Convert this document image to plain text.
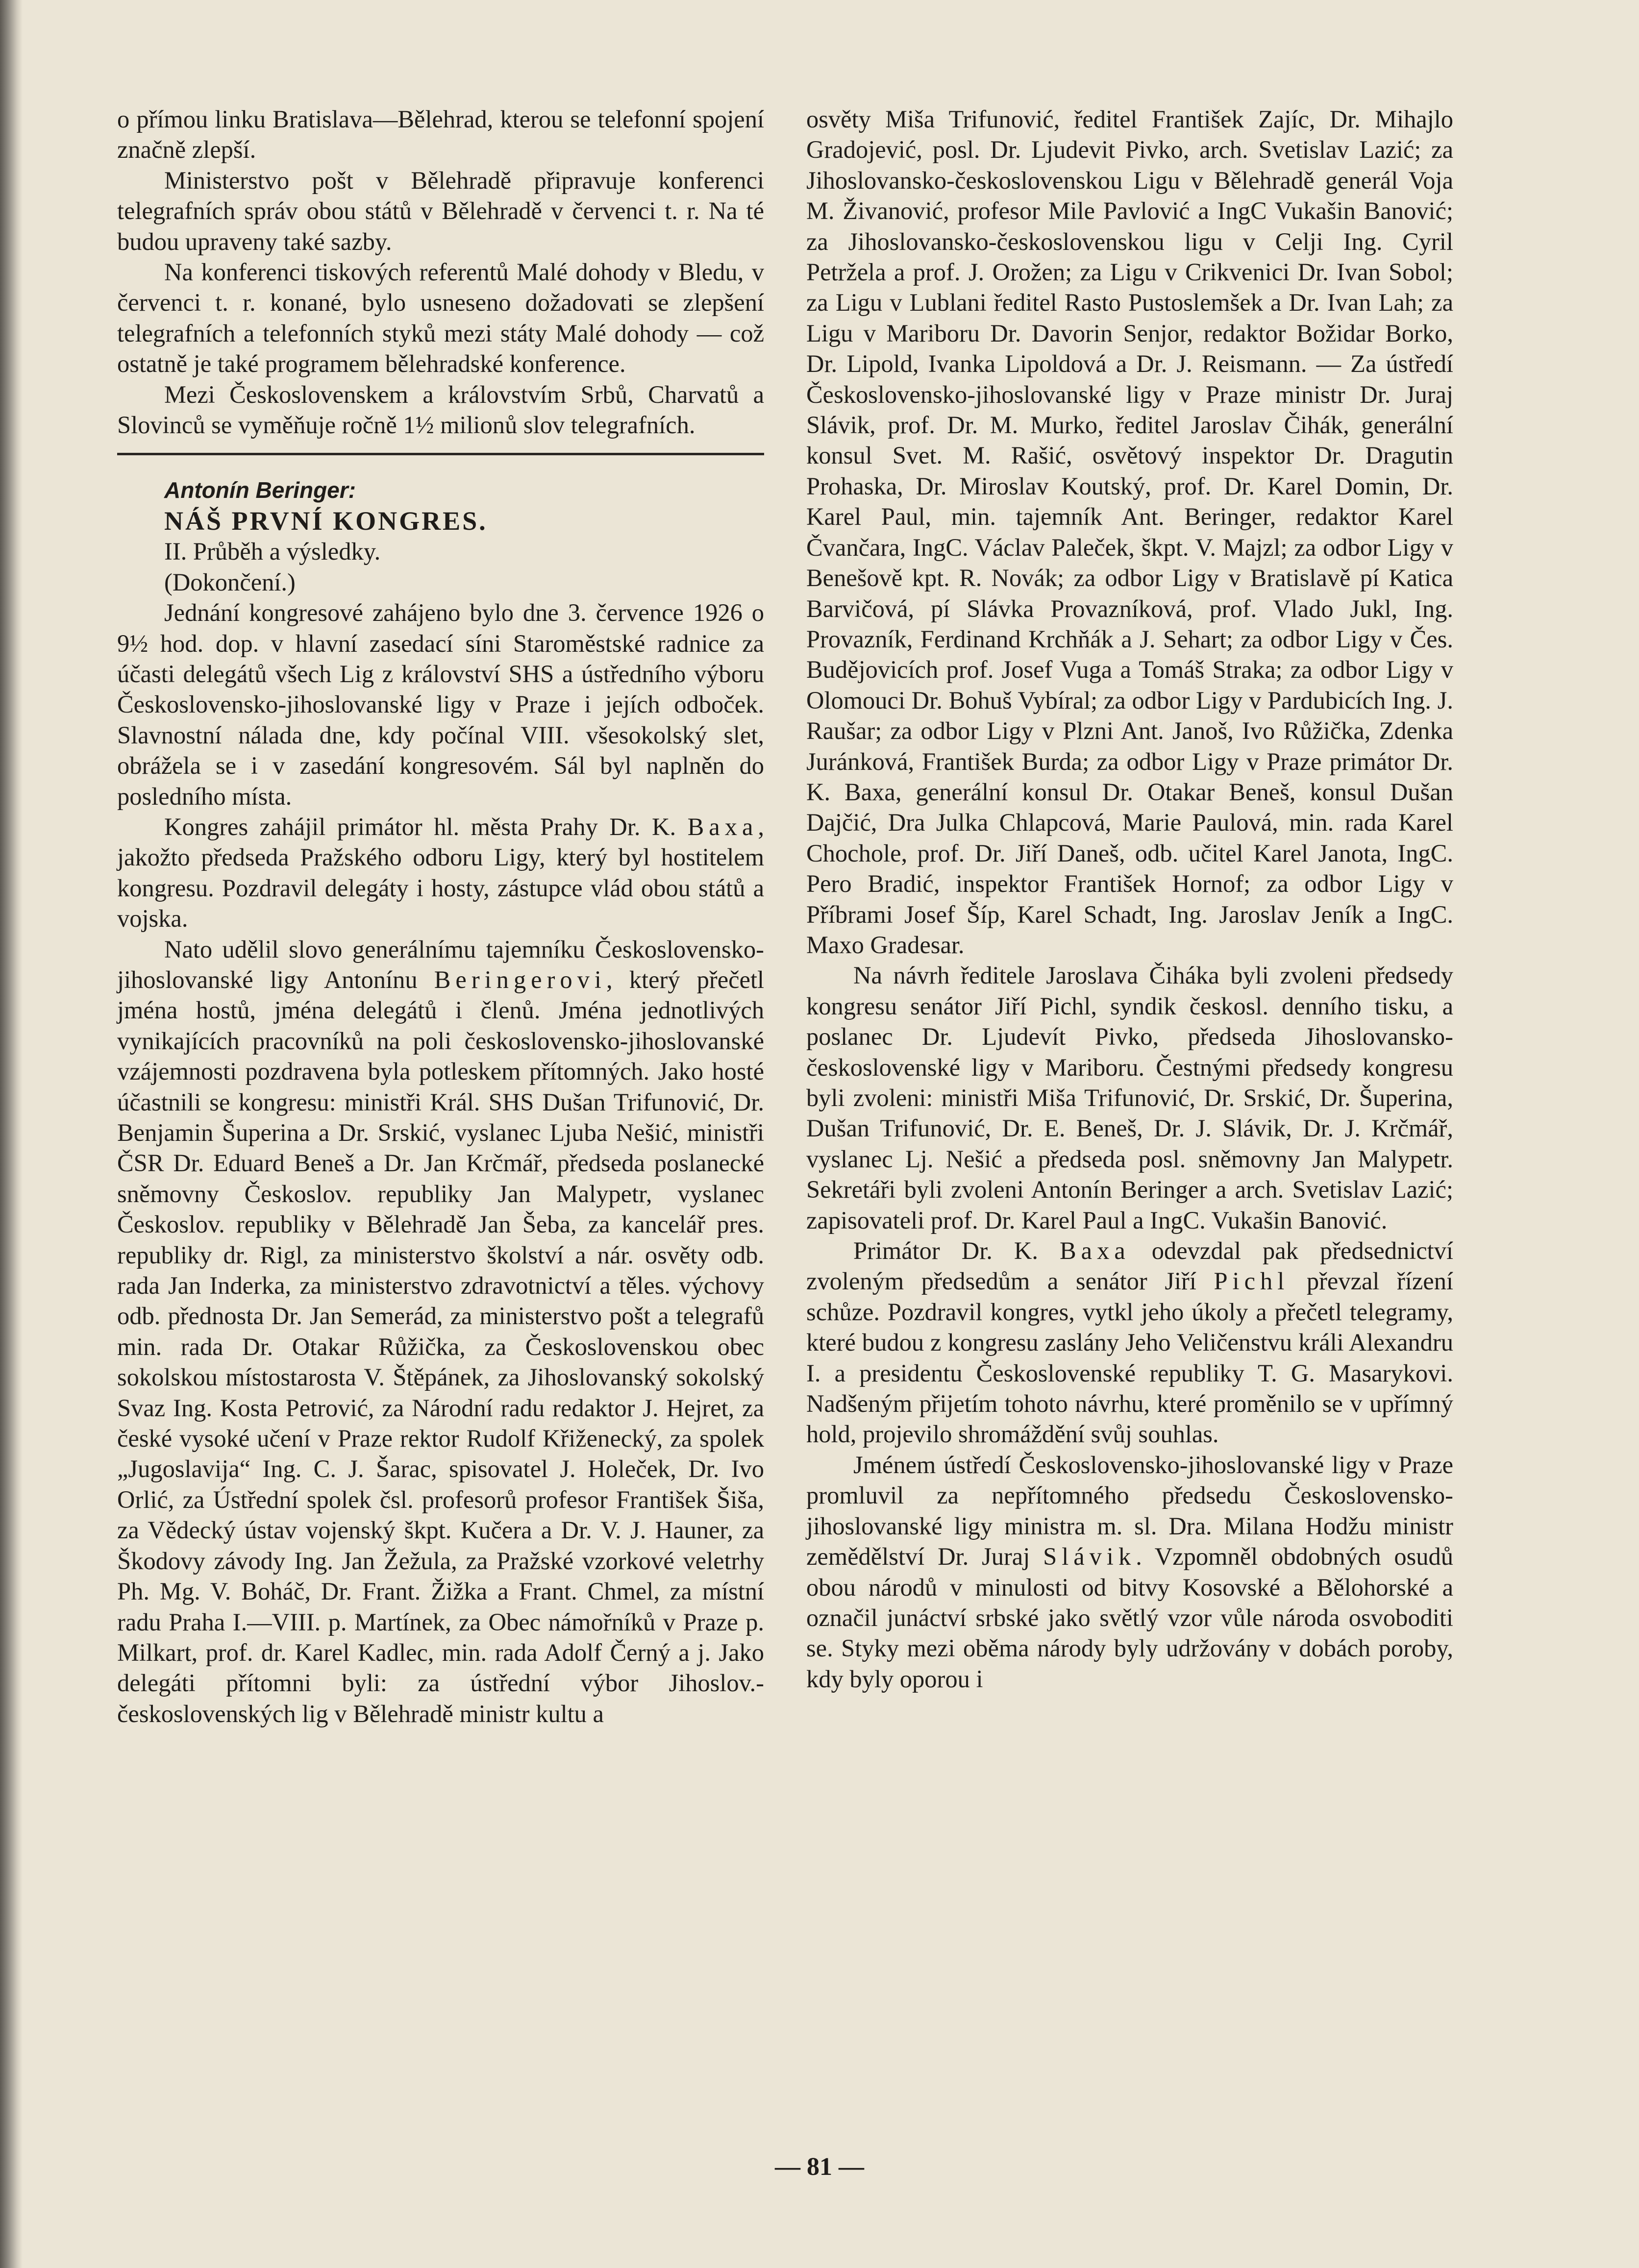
o přímou linku Bratislava—Bělehrad, kterou se telefonní spojení značně zlepší.

Ministerstvo pošt v Bělehradě připravuje konferenci telegrafních správ obou států v Bělehradě v červenci t. r. Na té budou upraveny také sazby.

Na konferenci tiskových referentů Malé dohody v Bledu, v červenci t. r. konané, bylo usneseno dožadovati se zlepšení telegrafních a telefonních styků mezi státy Malé dohody — což ostatně je také programem bělehradské konference.

Mezi Československem a královstvím Srbů, Charvatů a Slovinců se vyměňuje ročně 1½ milionů slov telegrafních.

Antonín Beringer:

NÁŠ PRVNÍ KONGRES.

II. Průběh a výsledky.

(Dokončení.)

Jednání kongresové zahájeno bylo dne 3. července 1926 o 9½ hod. dop. v hlavní zasedací síni Staroměstské radnice za účasti delegátů všech Lig z království SHS a ústředního výboru Československo-jihoslovanské ligy v Praze i jejích odboček. Slavnostní nálada dne, kdy počínal VIII. všesokolský slet, obrážela se i v zasedání kongresovém. Sál byl naplněn do posledního místa.

Kongres zahájil primátor hl. města Prahy Dr. K. Baxa, jakožto předseda Pražského odboru Ligy, který byl hostitelem kongresu. Pozdravil delegáty i hosty, zástupce vlád obou států a vojska.

Nato udělil slovo generálnímu tajemníku Československo-jihoslovanské ligy Antonínu Beringerovi, který přečetl jména hostů, jména delegátů i členů. Jména jednotlivých vynikajících pracovníků na poli československo-jihoslovanské vzájemnosti pozdravena byla potleskem přítomných. Jako hosté účastnili se kongresu: ministři Král. SHS Dušan Trifunović, Dr. Benjamin Šuperina a Dr. Srskić, vyslanec Ljuba Nešić, ministři ČSR Dr. Eduard Beneš a Dr. Jan Krčmář, předseda poslanecké sněmovny Českoslov. republiky Jan Malypetr, vyslanec Českoslov. republiky v Bělehradě Jan Šeba, za kancelář pres. republiky dr. Rigl, za ministerstvo školství a nár. osvěty odb. rada Jan Inderka, za ministerstvo zdravotnictví a těles. výchovy odb. přednosta Dr. Jan Semerád, za ministerstvo pošt a telegrafů min. rada Dr. Otakar Růžička, za Československou obec sokolskou místostarosta V. Štěpánek, za Jihoslovanský sokolský Svaz Ing. Kosta Petrović, za Národní radu redaktor J. Hejret, za české vysoké učení v Praze rektor Rudolf Křiženecký, za spolek „Jugoslavija“ Ing. C. J. Šarac, spisovatel J. Holeček, Dr. Ivo Orlić, za Ústřední spolek čsl. profesorů profesor František Šiša, za Vědecký ústav vojenský škpt. Kučera a Dr. V. J. Hauner, za Škodovy závody Ing. Jan Žežula, za Pražské vzorkové veletrhy Ph. Mg. V. Boháč, Dr. Frant. Žižka a Frant. Chmel, za místní radu Praha I.—VIII. p. Martínek, za Obec námořníků v Praze p. Milkart, prof. dr. Karel Kadlec, min. rada Adolf Černý a j. Jako delegáti přítomni byli: za ústřední výbor Jihoslov.-československých lig v Bělehradě ministr kultu a

osvěty Miša Trifunović, ředitel František Zajíc, Dr. Mihajlo Gradojević, posl. Dr. Ljudevit Pivko, arch. Svetislav Lazić; za Jihoslovansko-československou Ligu v Bělehradě generál Voja M. Živanović, profesor Mile Pavlović a IngC Vukašin Banović; za Jihoslovansko-československou ligu v Celji Ing. Cyril Petržela a prof. J. Orožen; za Ligu v Crikvenici Dr. Ivan Sobol; za Ligu v Lublani ředitel Rasto Pustoslemšek a Dr. Ivan Lah; za Ligu v Mariboru Dr. Davorin Senjor, redaktor Božidar Borko, Dr. Lipold, Ivanka Lipoldová a Dr. J. Reismann. — Za ústředí Československo-jihoslovanské ligy v Praze ministr Dr. Juraj Slávik, prof. Dr. M. Murko, ředitel Jaroslav Čihák, generální konsul Svet. M. Rašić, osvětový inspektor Dr. Dragutin Prohaska, Dr. Miroslav Koutský, prof. Dr. Karel Domin, Dr. Karel Paul, min. tajemník Ant. Beringer, redaktor Karel Čvančara, IngC. Václav Paleček, škpt. V. Majzl; za odbor Ligy v Benešově kpt. R. Novák; za odbor Ligy v Bratislavě pí Katica Barvičová, pí Slávka Provazníková, prof. Vlado Jukl, Ing. Provazník, Ferdinand Krchňák a J. Sehart; za odbor Ligy v Čes. Budějovicích prof. Josef Vuga a Tomáš Straka; za odbor Ligy v Olomouci Dr. Bohuš Vybíral; za odbor Ligy v Pardubicích Ing. J. Raušar; za odbor Ligy v Plzni Ant. Janoš, Ivo Růžička, Zdenka Juránková, František Burda; za odbor Ligy v Praze primátor Dr. K. Baxa, generální konsul Dr. Otakar Beneš, konsul Dušan Dajčić, Dra Julka Chlapcová, Marie Paulová, min. rada Karel Chochole, prof. Dr. Jiří Daneš, odb. učitel Karel Janota, IngC. Pero Bradić, inspektor František Hornof; za odbor Ligy v Příbrami Josef Šíp, Karel Schadt, Ing. Jaroslav Jeník a IngC. Maxo Gradesar.

Na návrh ředitele Jaroslava Čiháka byli zvoleni předsedy kongresu senátor Jiří Pichl, syndik českosl. denního tisku, a poslanec Dr. Ljudevít Pivko, předseda Jihoslovansko-československé ligy v Mariboru. Čestnými předsedy kongresu byli zvoleni: ministři Miša Trifunović, Dr. Srskić, Dr. Šuperina, Dušan Trifunović, Dr. E. Beneš, Dr. J. Slávik, Dr. J. Krčmář, vyslanec Lj. Nešić a předseda posl. sněmovny Jan Malypetr. Sekretáři byli zvoleni Antonín Beringer a arch. Svetislav Lazić; zapisovateli prof. Dr. Karel Paul a IngC. Vukašin Banović.

Primátor Dr. K. Baxa odevzdal pak předsednictví zvoleným předsedům a senátor Jiří Pichl převzal řízení schůze. Pozdravil kongres, vytkl jeho úkoly a přečetl telegramy, které budou z kongresu zaslány Jeho Veličenstvu králi Alexandru I. a presidentu Československé republiky T. G. Masarykovi. Nadšeným přijetím tohoto návrhu, které proměnilo se v upřímný hold, projevilo shromáždění svůj souhlas.

Jménem ústředí Československo-jihoslovanské ligy v Praze promluvil za nepřítomného předsedu Československo-jihoslovanské ligy ministra m. sl. Dra. Milana Hodžu ministr zemědělství Dr. Juraj Slávik. Vzpomněl obdobných osudů obou národů v minulosti od bitvy Kosovské a Bělohorské a označil junáctví srbské jako světlý vzor vůle národa osvoboditi se. Styky mezi oběma národy byly udržovány v dobách poroby, kdy byly oporou i

— 81 —
